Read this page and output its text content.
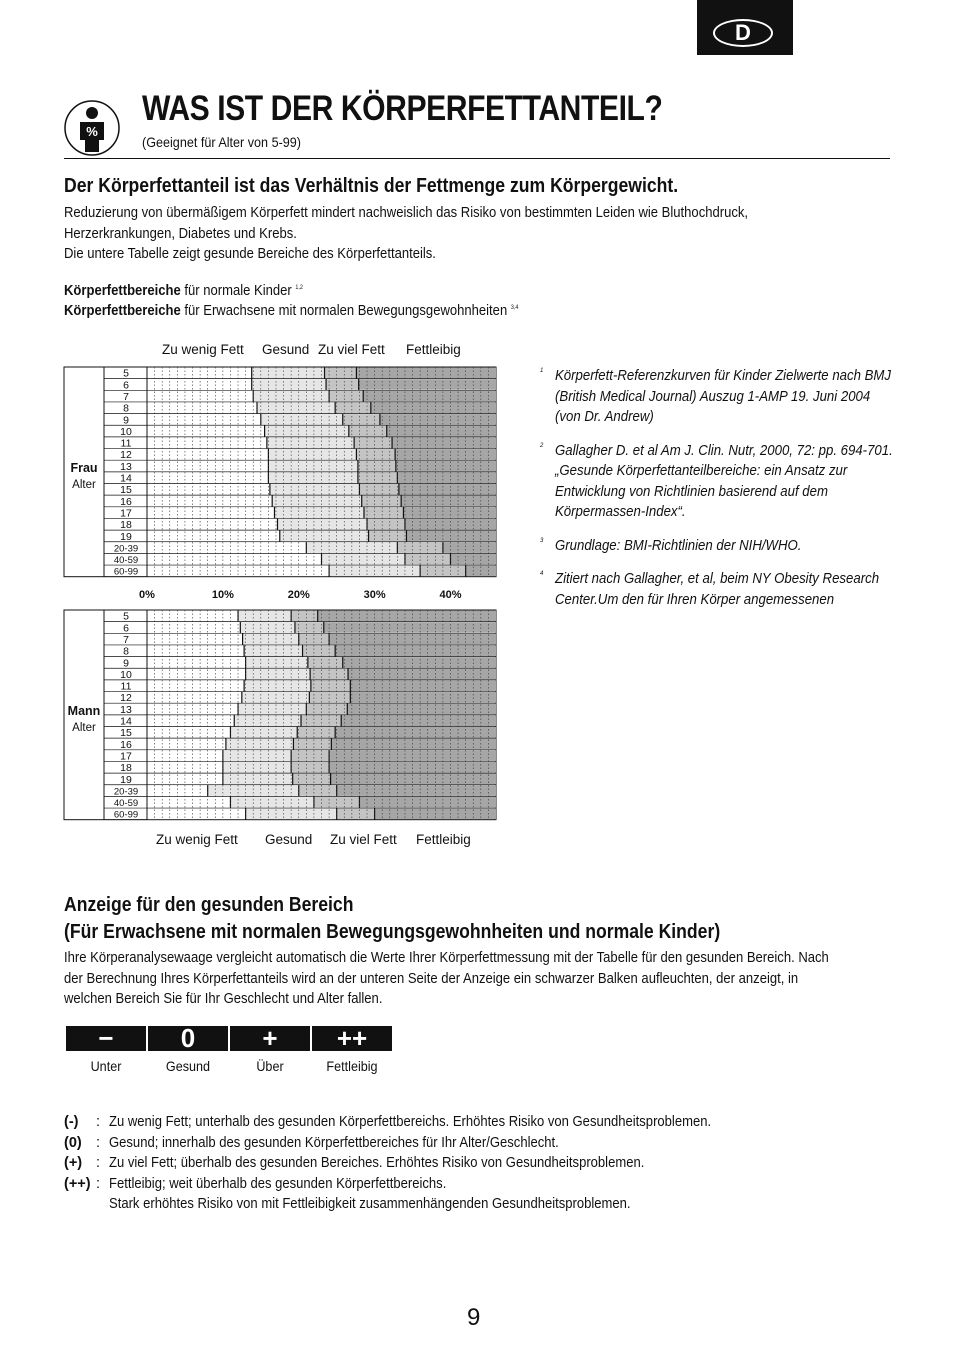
D
%
WAS IST DER KÖRPERFETTANTEIL?
(Geeignet für Alter von 5-99)
Der Körperfettanteil ist das Verhältnis der Fettmenge zum Körpergewicht.

Reduzierung von übermäßigem Körperfett mindert nachweislich das Risiko von bestimmten Leiden wie Bluthochdruck,

Herzerkrankungen, Diabetes und Krebs.

Die untere Tabelle zeigt gesunde Bereiche des Körperfettanteils.

Körperfettbereiche für normale Kinder $^{1,2}$
Körperfettbereiche für Erwachsene mit normalen Bewegungsgewohnheiten $^{3,4}$
Zu wenig Fett Gesund Zu viel Fett Fettleibig
5
6
7
8
9
10
11
12
13
14
15
16
17
18
19
20-39
40-59
60-99
Frau
Alter
5
6
7
8
9
10
11
12
13
14
15
16
17
18
19
20-39
40-59
60-99
Mann
Alter
0%	10%	20%	30%	40%
Zu wenig Fett Gesund Zu viel Fett Fettleibig
1 Körperfett-Referenzkurven für Kinder Zielwerte nach BMJ (British Medical Journal) Auszug 1-AMP 19. Juni 2004 (von Dr. Andrew)
2 Gallagher D. et al Am J. Clin. Nutr, 2000, 72: pp. 694-701. „Gesunde Körperfettanteilbereiche: ein Ansatz zur Entwicklung von Richtlinien basierend auf dem Körpermassen-Index“.
3 Grundlage: BMI-Richtlinien der NIH/WHO.
4 Zitiert nach Gallagher, et al, beim NY Obesity Research Center.Um den für Ihren Körper angemessenen
Anzeige für den gesunden Bereich
(Für Erwachsene mit normalen Bewegungsgewohnheiten und normale Kinder)

Ihre Körperanalysewaage vergleicht automatisch die Werte Ihrer Körperfettmessung mit der Tabelle für den gesunden Bereich. Nach

der Berechnung Ihres Körperfettanteils wird an der unteren Seite der Anzeige ein schwarzer Balken aufleuchten, der anzeigt, in

welchen Bereich Sie für Ihr Geschlecht und Alter fallen.

−
Unter
0
Gesund
+
Über
++
Fettleibig
(-) : Zu wenig Fett; unterhalb des gesunden Körperfettbereichs. Erhöhtes Risiko von Gesundheitsproblemen.
(0) : Gesund; innerhalb des gesunden Körperfettbereiches für Ihr Alter/Geschlecht.
(+) : Zu viel Fett; überhalb des gesunden Bereiches. Erhöhtes Risiko von Gesundheitsproblemen.
(++) : Fettleibig; weit überhalb des gesunden Körperfettbereichs.
Stark erhöhtes Risiko von mit Fettleibigkeit zusammenhängenden Gesundheitsproblemen.
9
